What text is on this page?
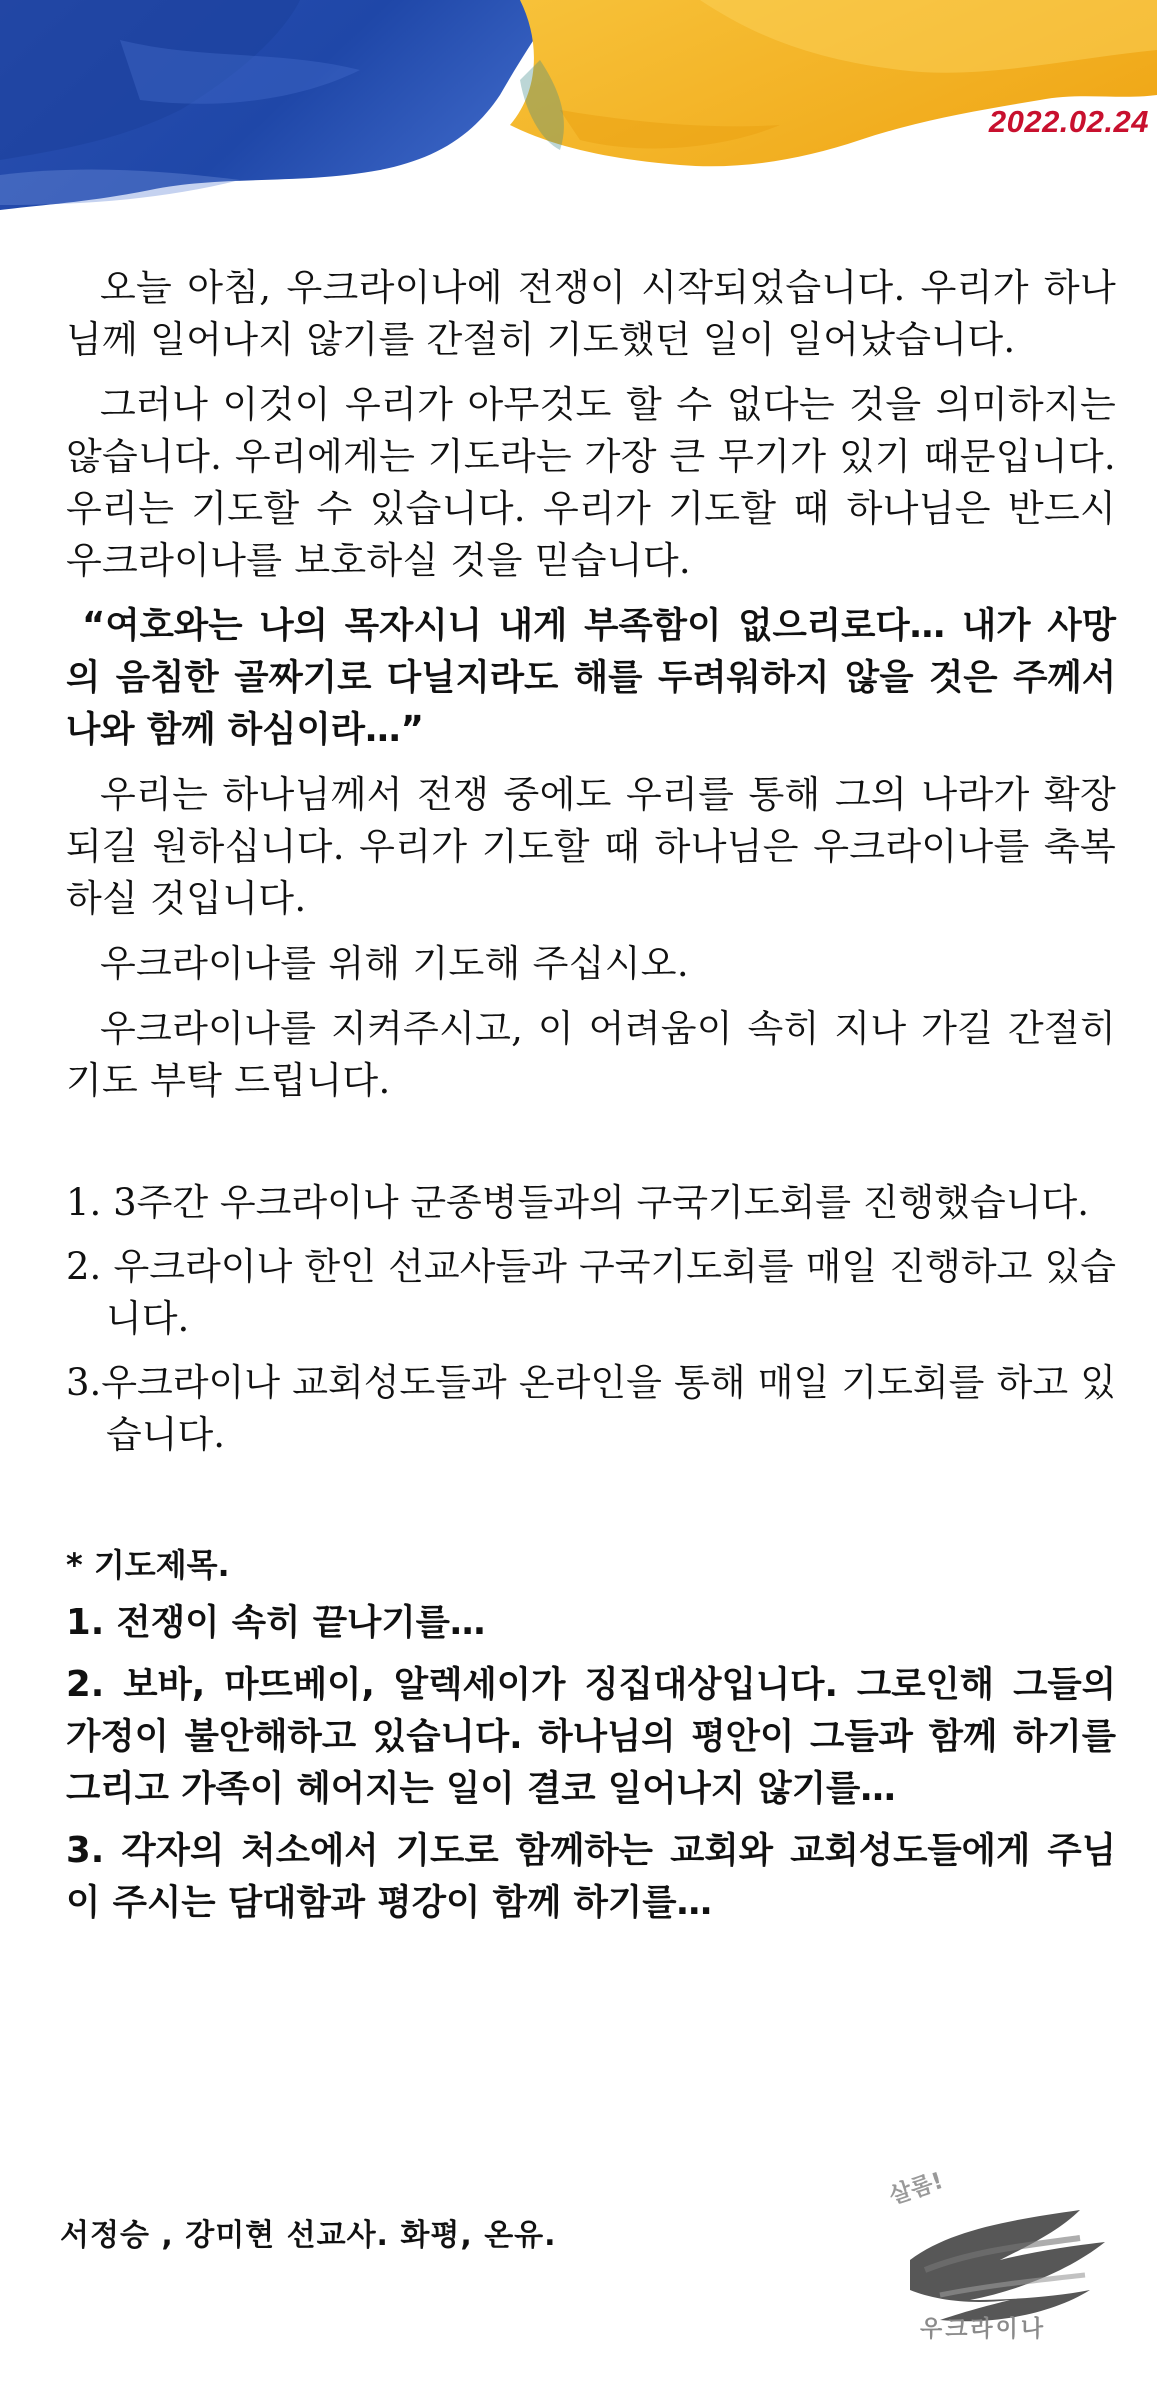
2022.02.24

오늘 아침, 우크라이나에 전쟁이 시작되었습니다. 우리가 하나님께 일어나지 않기를 간절히 기도했던 일이 일어났습니다.

그러나 이것이 우리가 아무것도 할 수 없다는 것을 의미하지는 않습니다. 우리에게는 기도라는 가장 큰 무기가 있기 때문입니다. 우리는 기도할 수 있습니다. 우리가 기도할 때 하나님은 반드시 우크라이나를 보호하실 것을 믿습니다.

“여호와는 나의 목자시니 내게 부족함이 없으리로다… 내가 사망의 음침한 골짜기로 다닐지라도 해를 두려워하지 않을 것은 주께서 나와 함께 하심이라…”

우리는 하나님께서 전쟁 중에도 우리를 통해 그의 나라가 확장되길 원하십니다. 우리가 기도할 때 하나님은 우크라이나를 축복하실 것입니다.

우크라이나를 위해 기도해 주십시오.

우크라이나를 지켜주시고, 이 어려움이 속히 지나 가길 간절히 기도 부탁 드립니다.

1. 3주간 우크라이나 군종병들과의 구국기도회를 진행했습니다.

2. 우크라이나 한인 선교사들과 구국기도회를 매일 진행하고 있습니다.

3.우크라이나 교회성도들과 온라인을 통해 매일 기도회를 하고 있습니다.

* 기도제목.

1. 전쟁이 속히 끝나기를…

2. 보바, 마뜨베이, 알렉세이가 징집대상입니다. 그로인해 그들의 가정이 불안해하고 있습니다. 하나님의 평안이 그들과 함께 하기를 그리고 가족이 헤어지는 일이 결코 일어나지 않기를…

3. 각자의 처소에서 기도로 함께하는 교회와 교회성도들에게 주님이 주시는 담대함과 평강이 함께 하기를…

서정승 , 강미현 선교사. 화평, 온유.
살롬!
우크라이나
